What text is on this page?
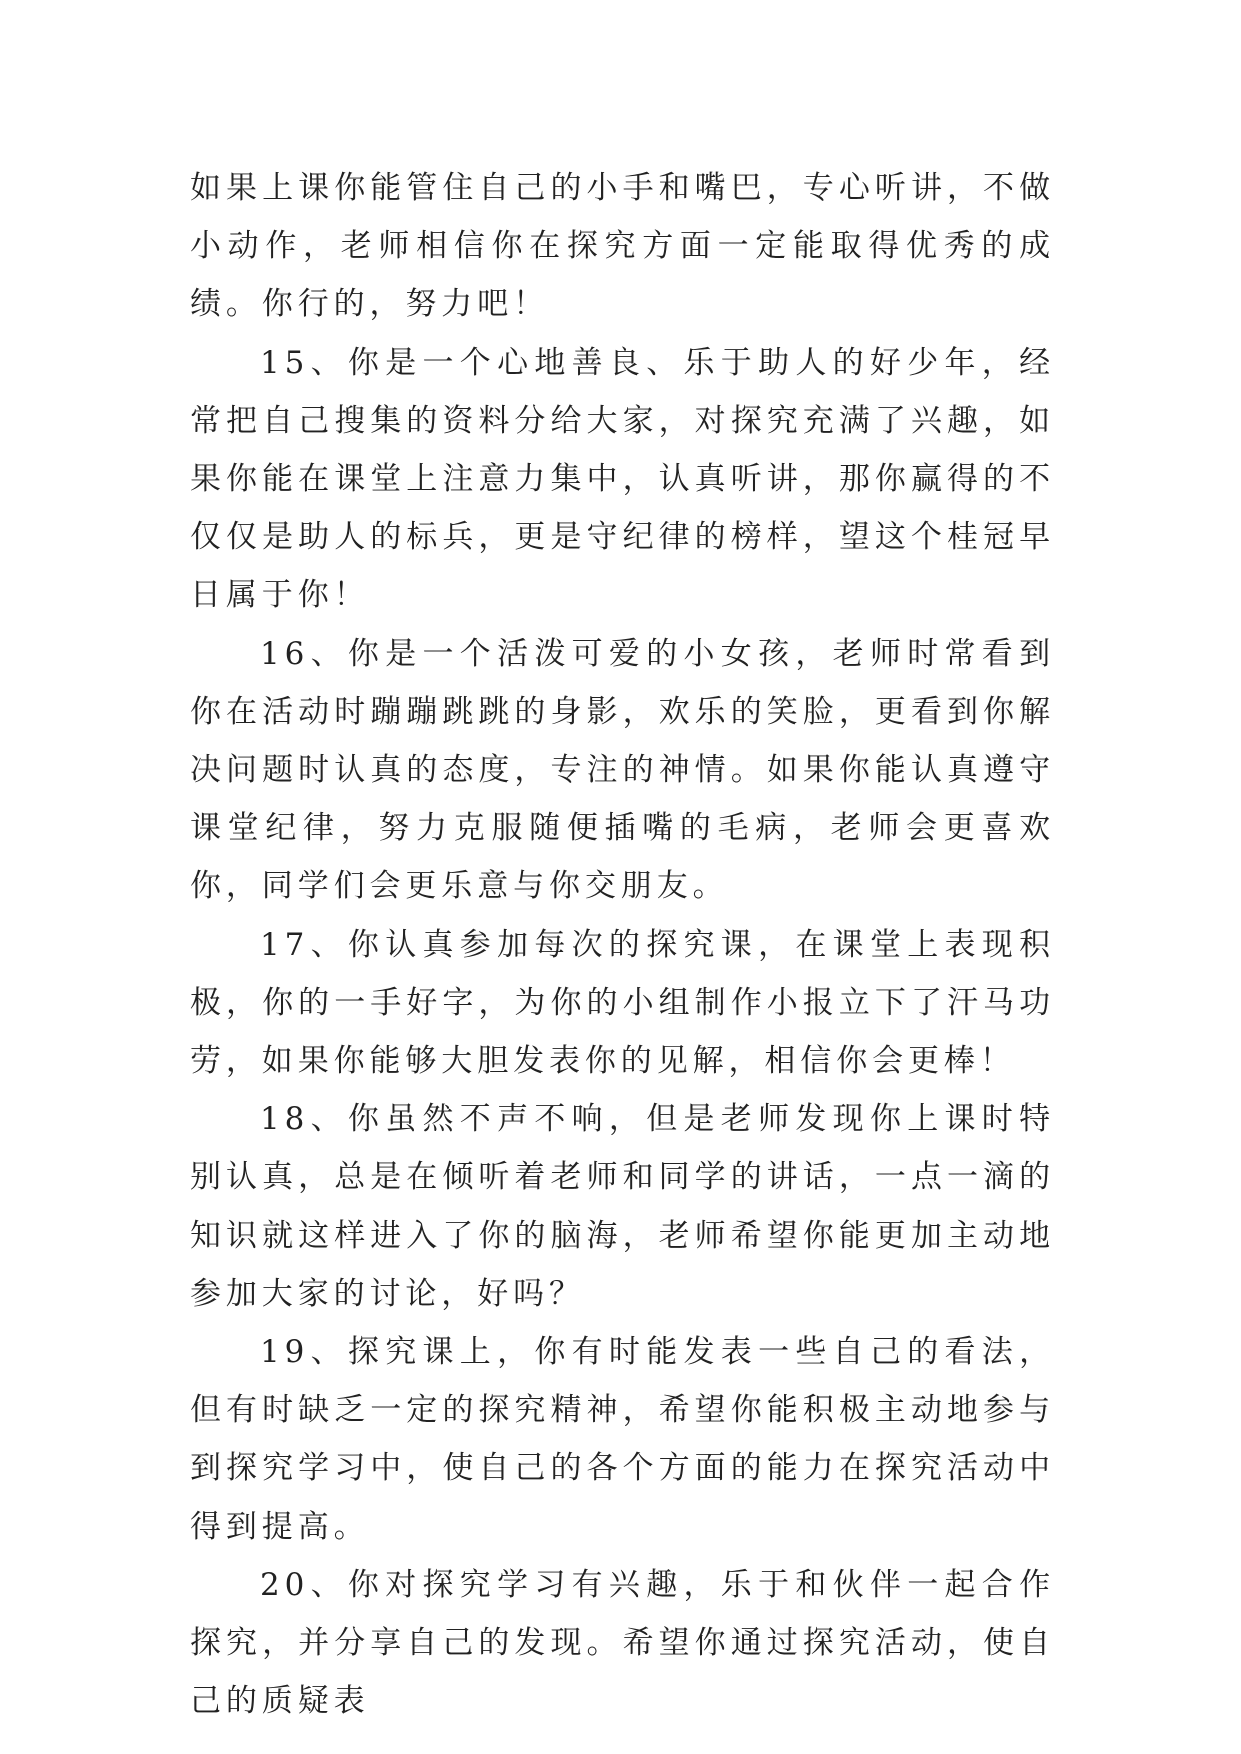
如果上课你能管住自己的小手和嘴巴，专心听讲，不做小动作，老师相信你在探究方面一定能取得优秀的成绩。你行的，努力吧！

15、你是一个心地善良、乐于助人的好少年，经常把自己搜集的资料分给大家，对探究充满了兴趣，如果你能在课堂上注意力集中，认真听讲，那你赢得的不仅仅是助人的标兵，更是守纪律的榜样，望这个桂冠早日属于你！

16、你是一个活泼可爱的小女孩，老师时常看到你在活动时蹦蹦跳跳的身影，欢乐的笑脸，更看到你解决问题时认真的态度，专注的神情。如果你能认真遵守课堂纪律，努力克服随便插嘴的毛病，老师会更喜欢你，同学们会更乐意与你交朋友。

17、你认真参加每次的探究课，在课堂上表现积极，你的一手好字，为你的小组制作小报立下了汗马功劳，如果你能够大胆发表你的见解，相信你会更棒！

18、你虽然不声不响，但是老师发现你上课时特别认真，总是在倾听着老师和同学的讲话，一点一滴的知识就这样进入了你的脑海，老师希望你能更加主动地参加大家的讨论，好吗？

19、探究课上，你有时能发表一些自己的看法，但有时缺乏一定的探究精神，希望你能积极主动地参与到探究学习中，使自己的各个方面的能力在探究活动中得到提高。

20、你对探究学习有兴趣，乐于和伙伴一起合作探究，并分享自己的发现。希望你通过探究活动，使自己的质疑表
